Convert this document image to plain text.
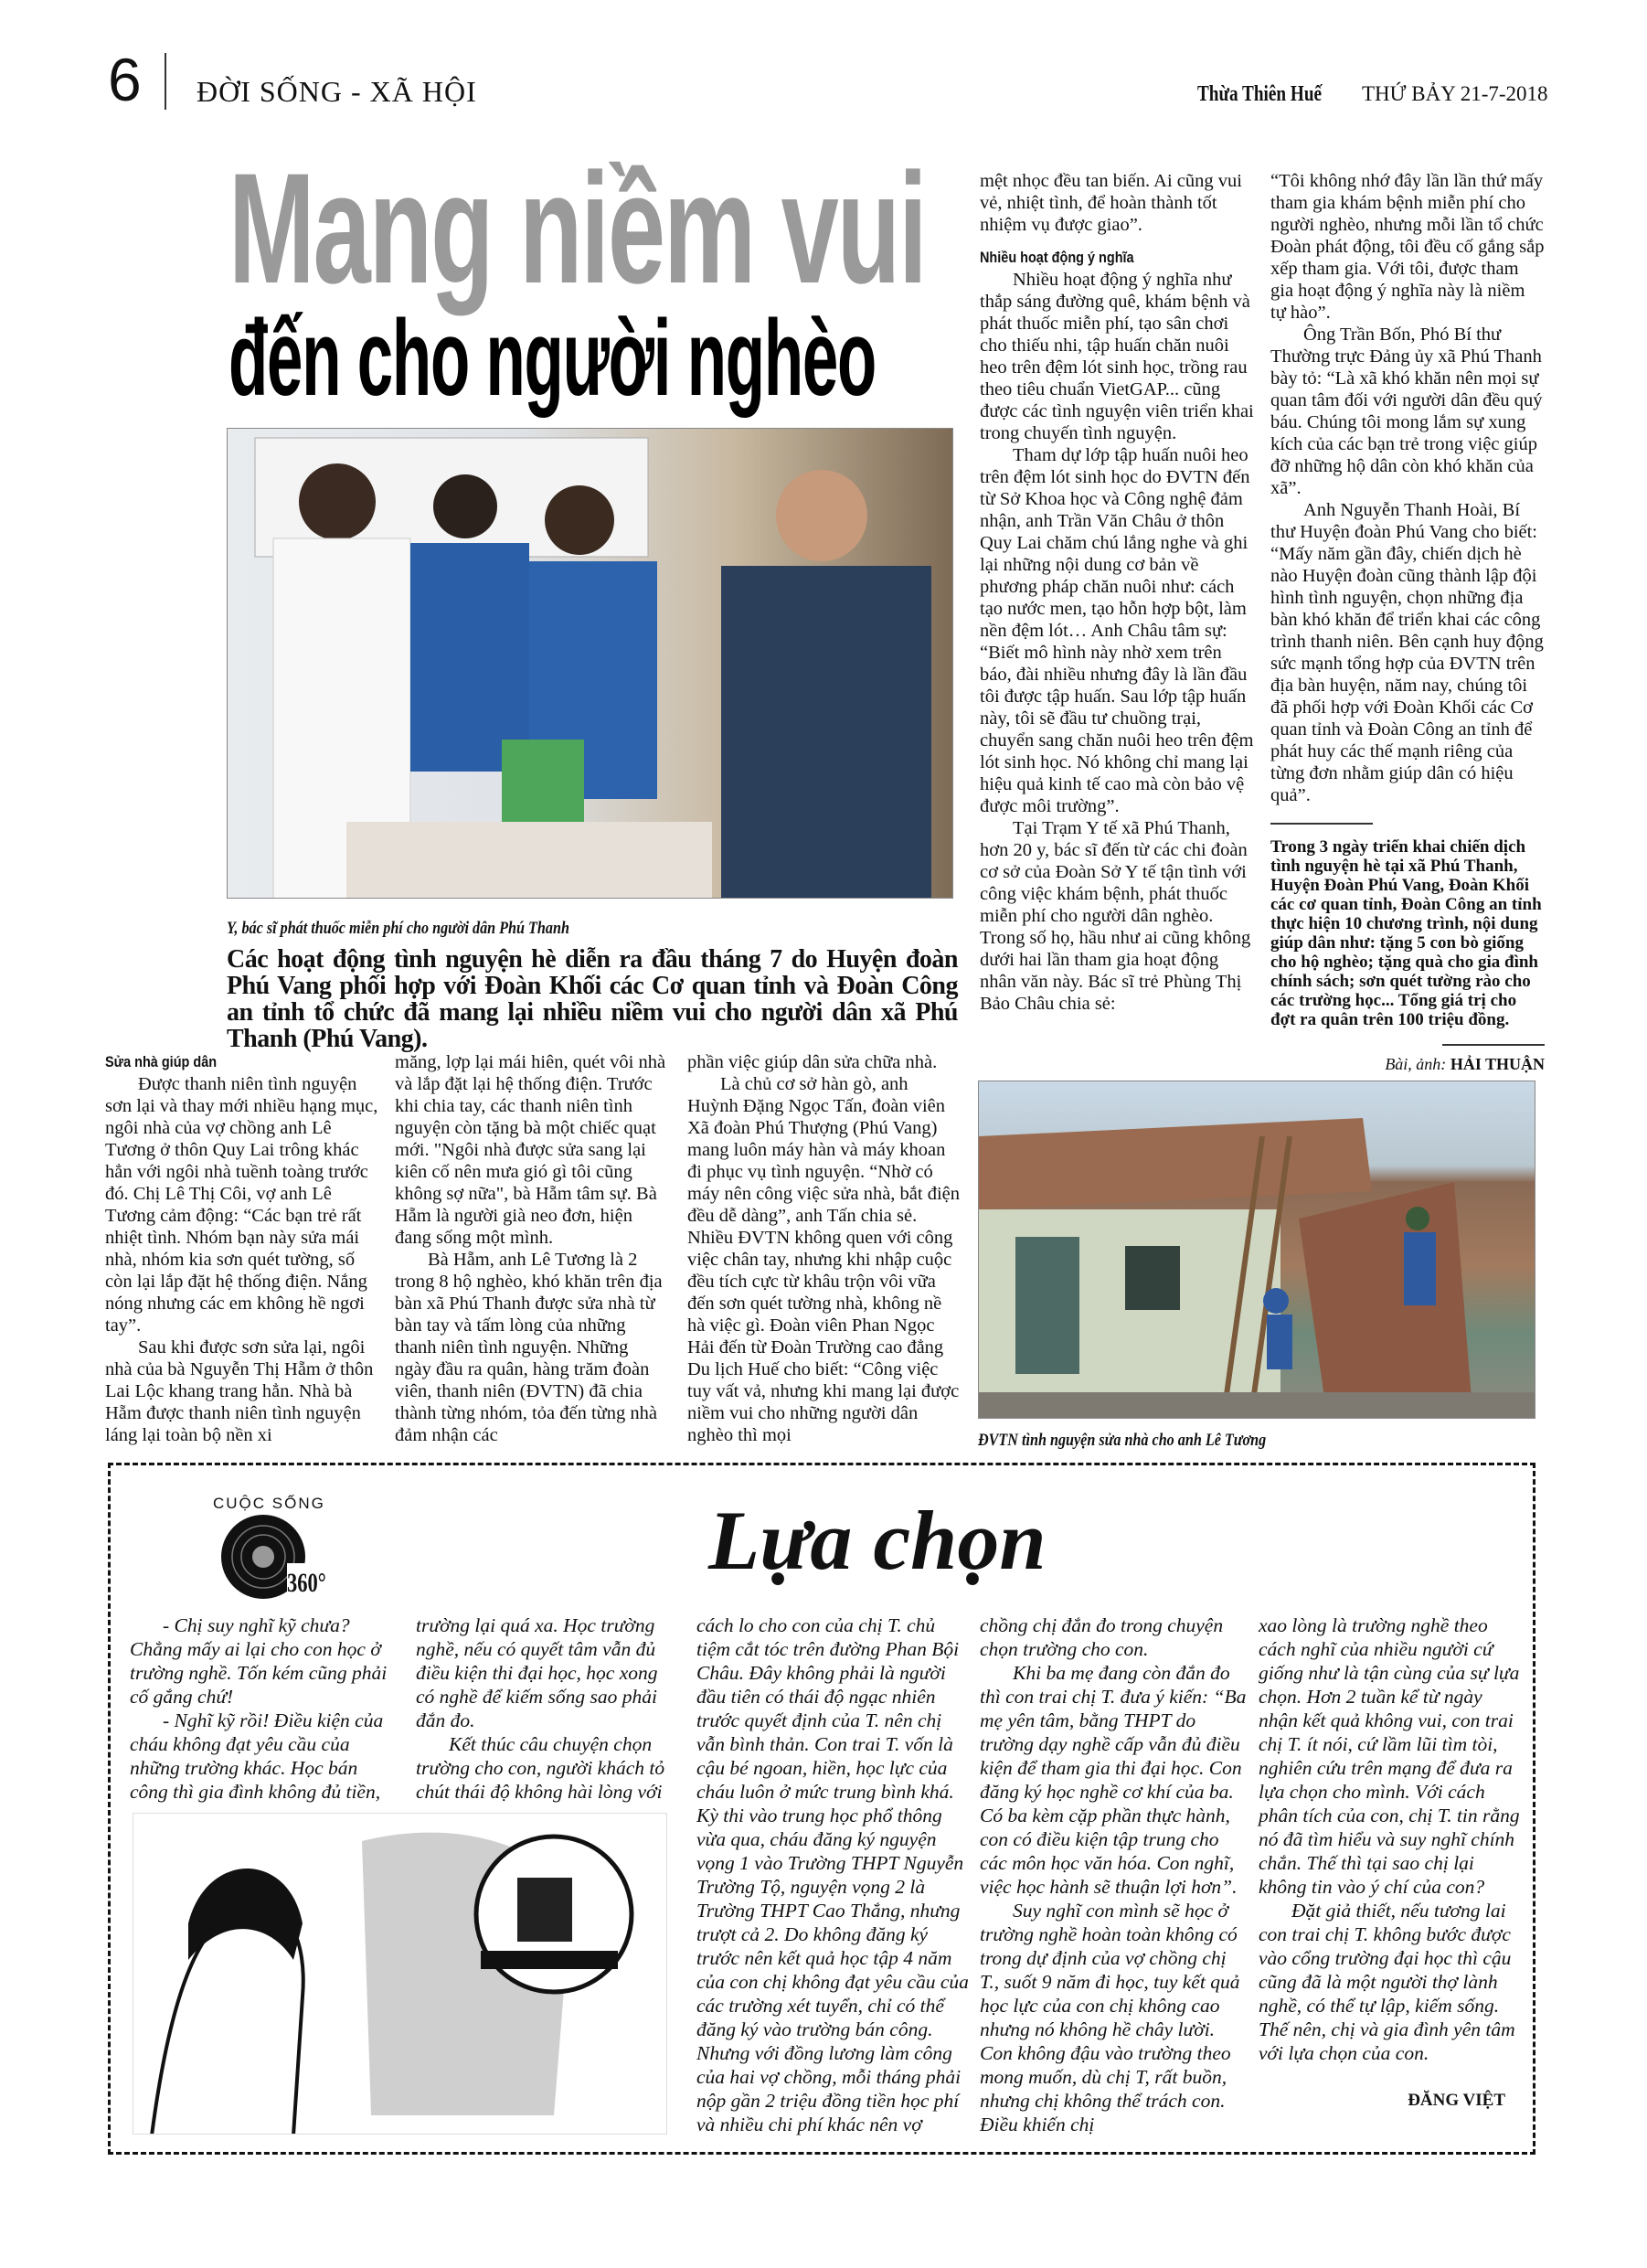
6 ĐỜI SỐNG - XÃ HỘI	Thừa Thiên Huế THỨ BẢY 21-7-2018
Mang niềm vui
đến cho người nghèo
Y, bác sĩ phát thuốc miễn phí cho người dân Phú Thanh
Các hoạt động tình nguyện hè diễn ra đầu tháng 7 do Huyện đoàn Phú Vang phối hợp với Đoàn Khối các Cơ quan tỉnh và Đoàn Công an tỉnh tổ chức đã mang lại nhiều niềm vui cho người dân xã Phú Thanh (Phú Vang).
Sửa nhà giúp dân

Được thanh niên tình nguyện sơn lại và thay mới nhiều hạng mục, ngôi nhà của vợ chồng anh Lê Tương ở thôn Quy Lai trông khác hẳn với ngôi nhà tuềnh toàng trước đó. Chị Lê Thị Côi, vợ anh Lê Tương cảm động: “Các bạn trẻ rất nhiệt tình. Nhóm bạn này sửa mái nhà, nhóm kia sơn quét tường, số còn lại lắp đặt hệ thống điện. Nắng nóng nhưng các em không hề ngơi tay”.

Sau khi được sơn sửa lại, ngôi nhà của bà Nguyễn Thị Hẵm ở thôn Lai Lộc khang trang hẳn. Nhà bà Hẵm được thanh niên tình nguyện láng lại toàn bộ nền xi

măng, lợp lại mái hiên, quét vôi nhà và lắp đặt lại hệ thống điện. Trước khi chia tay, các thanh niên tình nguyện còn tặng bà một chiếc quạt mới. "Ngôi nhà được sửa sang lại kiên cố nên mưa gió gì tôi cũng không sợ nữa", bà Hẵm tâm sự. Bà Hẵm là người già neo đơn, hiện đang sống một mình.

Bà Hẵm, anh Lê Tương là 2 trong 8 hộ nghèo, khó khăn trên địa bàn xã Phú Thanh được sửa nhà từ bàn tay và tấm lòng của những thanh niên tình nguyện. Những ngày đầu ra quân, hàng trăm đoàn viên, thanh niên (ĐVTN) đã chia thành từng nhóm, tỏa đến từng nhà đảm nhận các

phần việc giúp dân sửa chữa nhà.

Là chủ cơ sở hàn gò, anh Huỳnh Đặng Ngọc Tấn, đoàn viên Xã đoàn Phú Thượng (Phú Vang) mang luôn máy hàn và máy khoan đi phục vụ tình nguyện. “Nhờ có máy nên công việc sửa nhà, bắt điện đều dễ dàng”, anh Tấn chia sẻ. Nhiều ĐVTN không quen với công việc chân tay, nhưng khi nhập cuộc đều tích cực từ khâu trộn vôi vữa đến sơn quét tường nhà, không nề hà việc gì. Đoàn viên Phan Ngọc Hải đến từ Đoàn Trường cao đẳng Du lịch Huế cho biết: “Công việc tuy vất vả, nhưng khi mang lại được niềm vui cho những người dân nghèo thì mọi

mệt nhọc đều tan biến. Ai cũng vui vẻ, nhiệt tình, để hoàn thành tốt nhiệm vụ được giao”.

Nhiều hoạt động ý nghĩa

Nhiều hoạt động ý nghĩa như thắp sáng đường quê, khám bệnh và phát thuốc miễn phí, tạo sân chơi cho thiếu nhi, tập huấn chăn nuôi heo trên đệm lót sinh học, trồng rau theo tiêu chuẩn VietGAP... cũng được các tình nguyện viên triển khai trong chuyến tình nguyện.

Tham dự lớp tập huấn nuôi heo trên đệm lót sinh học do ĐVTN đến từ Sở Khoa học và Công nghệ đảm nhận, anh Trần Văn Châu ở thôn Quy Lai chăm chú lắng nghe và ghi lại những nội dung cơ bản về phương pháp chăn nuôi như: cách tạo nước men, tạo hỗn hợp bột, làm nền đệm lót… Anh Châu tâm sự: “Biết mô hình này nhờ xem trên báo, đài nhiều nhưng đây là lần đầu tôi được tập huấn. Sau lớp tập huấn này, tôi sẽ đầu tư chuồng trại, chuyển sang chăn nuôi heo trên đệm lót sinh học. Nó không chỉ mang lại hiệu quả kinh tế cao mà còn bảo vệ được môi trường”.

Tại Trạm Y tế xã Phú Thanh, hơn 20 y, bác sĩ đến từ các chi đoàn cơ sở của Đoàn Sở Y tế tận tình với công việc khám bệnh, phát thuốc miễn phí cho người dân nghèo. Trong số họ, hầu như ai cũng không dưới hai lần tham gia hoạt động nhân văn này. Bác sĩ trẻ Phùng Thị Bảo Châu chia sẻ:

“Tôi không nhớ đây lần lần thứ mấy tham gia khám bệnh miễn phí cho người nghèo, nhưng mỗi lần tổ chức Đoàn phát động, tôi đều cố gắng sắp xếp tham gia. Với tôi, được tham gia hoạt động ý nghĩa này là niềm tự hào”.

Ông Trần Bốn, Phó Bí thư Thường trực Đảng ủy xã Phú Thanh bày tỏ: “Là xã khó khăn nên mọi sự quan tâm đối với người dân đều quý báu. Chúng tôi mong lắm sự xung kích của các bạn trẻ trong việc giúp đỡ những hộ dân còn khó khăn của xã”.

Anh Nguyễn Thanh Hoài, Bí thư Huyện đoàn Phú Vang cho biết: “Mấy năm gần đây, chiến dịch hè nào Huyện đoàn cũng thành lập đội hình tình nguyện, chọn những địa bàn khó khăn để triển khai các công trình thanh niên. Bên cạnh huy động sức mạnh tổng hợp của ĐVTN trên địa bàn huyện, năm nay, chúng tôi đã phối hợp với Đoàn Khối các Cơ quan tỉnh và Đoàn Công an tỉnh để phát huy các thế mạnh riêng của từng đơn nhằm giúp dân có hiệu quả”.

Trong 3 ngày triển khai chiến dịch tình nguyện hè tại xã Phú Thanh, Huyện Đoàn Phú Vang, Đoàn Khối các cơ quan tỉnh, Đoàn Công an tỉnh thực hiện 10 chương trình, nội dung giúp dân như: tặng 5 con bò giống cho hộ nghèo; tặng quà cho gia đình chính sách; sơn quét tường rào cho các trường học... Tổng giá trị cho đợt ra quân trên 100 triệu đồng.

Bài, ảnh: HẢI THUẬN
ĐVTN tình nguyện sửa nhà cho anh Lê Tương
CUỘC SỐNG
360°	Lựa chọn

- Chị suy nghĩ kỹ chưa? Chẳng mấy ai lại cho con học ở trường nghề. Tốn kém cũng phải cố gắng chứ!

- Nghĩ kỹ rồi! Điều kiện của cháu không đạt yêu cầu của những trường khác. Học bán công thì gia đình không đủ tiền,

trường lại quá xa. Học trường nghề, nếu có quyết tâm vẫn đủ điều kiện thi đại học, học xong có nghề để kiếm sống sao phải đắn đo.

Kết thúc câu chuyện chọn trường cho con, người khách tỏ chút thái độ không hài lòng với

cách lo cho con của chị T. chủ tiệm cắt tóc trên đường Phan Bội Châu. Đây không phải là người đầu tiên có thái độ ngạc nhiên trước quyết định của T. nên chị vẫn bình thản. Con trai T. vốn là cậu bé ngoan, hiền, học lực của cháu luôn ở mức trung bình khá. Kỳ thi vào trung học phổ thông vừa qua, cháu đăng ký nguyện vọng 1 vào Trường THPT Nguyễn Trường Tộ, nguyện vọng 2 là Trường THPT Cao Thắng, nhưng trượt cả 2. Do không đăng ký trước nên kết quả học tập 4 năm của con chị không đạt yêu cầu của các trường xét tuyển, chỉ có thể đăng ký vào trường bán công. Nhưng với đồng lương làm công của hai vợ chồng, mỗi tháng phải nộp gần 2 triệu đồng tiền học phí và nhiều chi phí khác nên vợ

chồng chị đắn đo trong chuyện chọn trường cho con.

Khi ba mẹ đang còn đắn đo thì con trai chị T. đưa ý kiến: “Ba mẹ yên tâm, bằng THPT do trường dạy nghề cấp vẫn đủ điều kiện để tham gia thi đại học. Con đăng ký học nghề cơ khí của ba. Có ba kèm cặp phần thực hành, con có điều kiện tập trung cho các môn học văn hóa. Con nghĩ, việc học hành sẽ thuận lợi hơn”.

Suy nghĩ con mình sẽ học ở trường nghề hoàn toàn không có trong dự định của vợ chồng chị T., suốt 9 năm đi học, tuy kết quả học lực của con chị không cao nhưng nó không hề chây lười. Con không đậu vào trường theo mong muốn, dù chị T, rất buồn, nhưng chị không thể trách con. Điều khiến chị

xao lòng là trường nghề theo cách nghĩ của nhiều người cứ giống như là tận cùng của sự lựa chọn. Hơn 2 tuần kể từ ngày nhận kết quả không vui, con trai chị T. ít nói, cứ lầm lũi tìm tòi, nghiên cứu trên mạng để đưa ra lựa chọn cho mình. Với cách phân tích của con, chị T. tin rằng nó đã tìm hiểu và suy nghĩ chính chắn. Thế thì tại sao chị lại không tin vào ý chí của con?

Đặt giả thiết, nếu tương lai con trai chị T. không bước được vào cổng trường đại học thì cậu cũng đã là một người thợ lành nghề, có thể tự lập, kiếm sống. Thế nên, chị và gia đình yên tâm với lựa chọn của con.

ĐĂNG VIỆT
